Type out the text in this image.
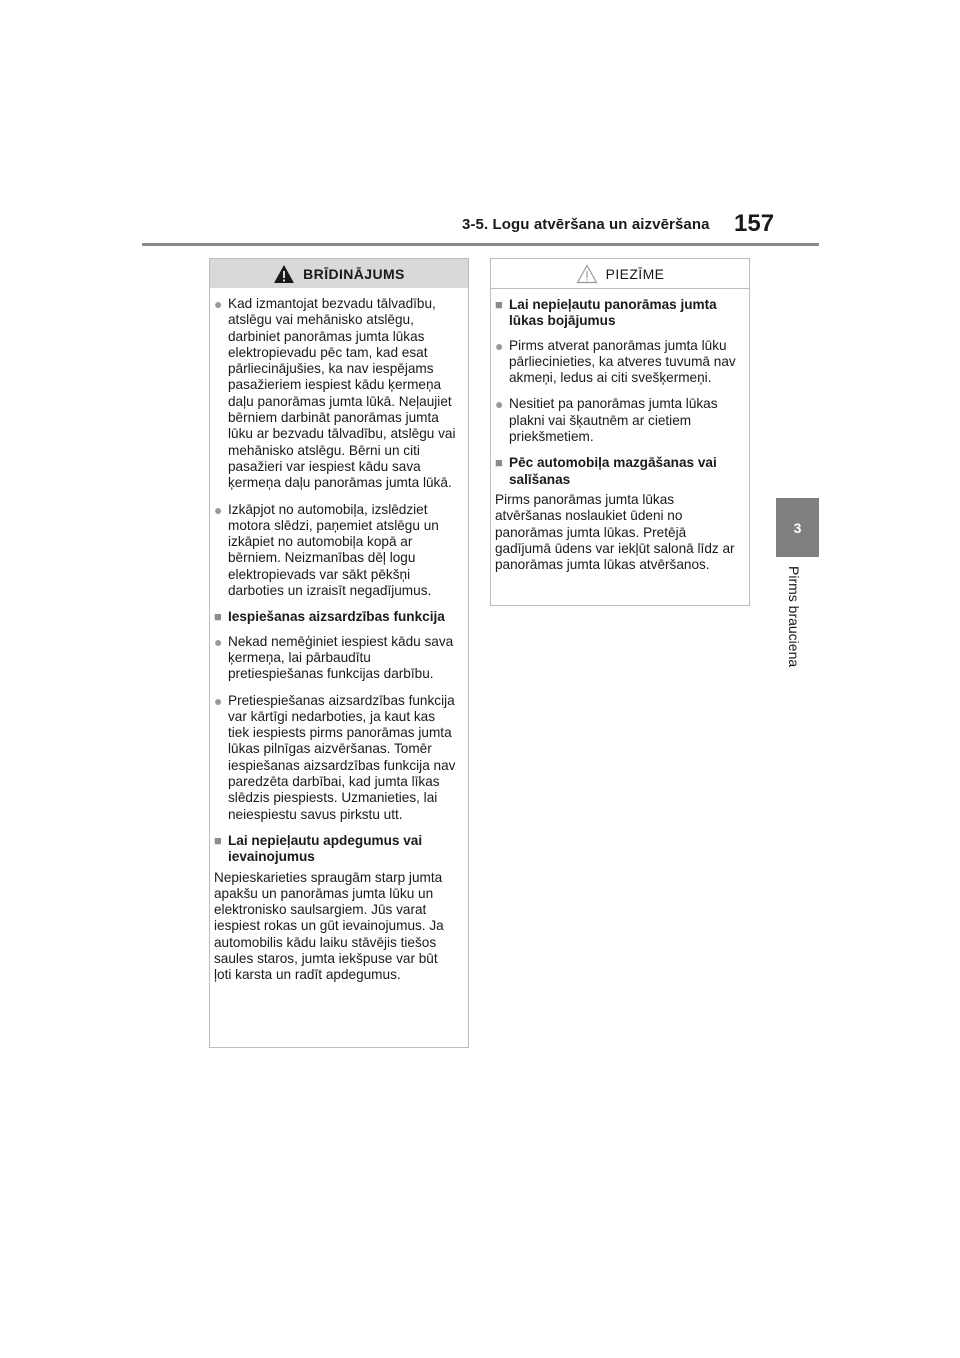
3-5. Logu atvēršana un aizvēršana 157
3
Pirms brauciena
BRĪDINĀJUMS
● Kad izmantojat bezvadu tālvadību, atslēgu vai mehānisko atslēgu, darbiniet panorāmas jumta lūkas elektropievadu pēc tam, kad esat pārliecinājušies, ka nav iespējams pasažieriem iespiest kādu ķermeņa daļu panorāmas jumta lūkā. Neļaujiet bērniem darbināt panorāmas jumta lūku ar bezvadu tālvadību, atslēgu vai mehānisko atslēgu. Bērni un citi pasažieri var iespiest kādu sava ķermeņa daļu panorāmas jumta lūkā.
● Izkāpjot no automobiļa, izslēdziet motora slēdzi, paņemiet atslēgu un izkāpiet no automobiļa kopā ar bērniem. Neizmanības dēļ logu elektropievads var sākt pēkšņi darboties un izraisīt negadījumus.
■ Iespiešanas aizsardzības funkcija
● Nekad nemēģiniet iespiest kādu sava ķermeņa, lai pārbaudītu pretiespiešanas funkcijas darbību.
● Pretiespiešanas aizsardzības funkcija var kārtīgi nedarboties, ja kaut kas tiek iespiests pirms panorāmas jumta lūkas pilnīgas aizvēršanas. Tomēr iespiešanas aizsardzības funkcija nav paredzēta darbībai, kad jumta līkas slēdzis piespiests. Uzmanieties, lai neiespiestu savus pirkstu utt.
■ Lai nepieļautu apdegumus vai ievainojumus
Nepieskarieties spraugām starp jumta apakšu un panorāmas jumta lūku un elektronisko saulsargiem. Jūs varat iespiest rokas un gūt ievainojumus. Ja automobilis kādu laiku stāvējis tiešos saules staros, jumta iekšpuse var būt ļoti karsta un radīt apdegumus.
PIEZĪME
■ Lai nepieļautu panorāmas jumta lūkas bojājumus
● Pirms atverat panorāmas jumta lūku pārliecinieties, ka atveres tuvumā nav akmeņi, ledus ai citi svešķermeņi.
● Nesitiet pa panorāmas jumta lūkas plakni vai šķautnēm ar cietiem priekšmetiem.
■ Pēc automobiļa mazgāšanas vai salīšanas
Pirms panorāmas jumta lūkas atvēršanas noslaukiet ūdeni no panorāmas jumta lūkas. Pretējā gadījumā ūdens var iekļūt salonā līdz ar panorāmas jumta lūkas atvēršanos.
